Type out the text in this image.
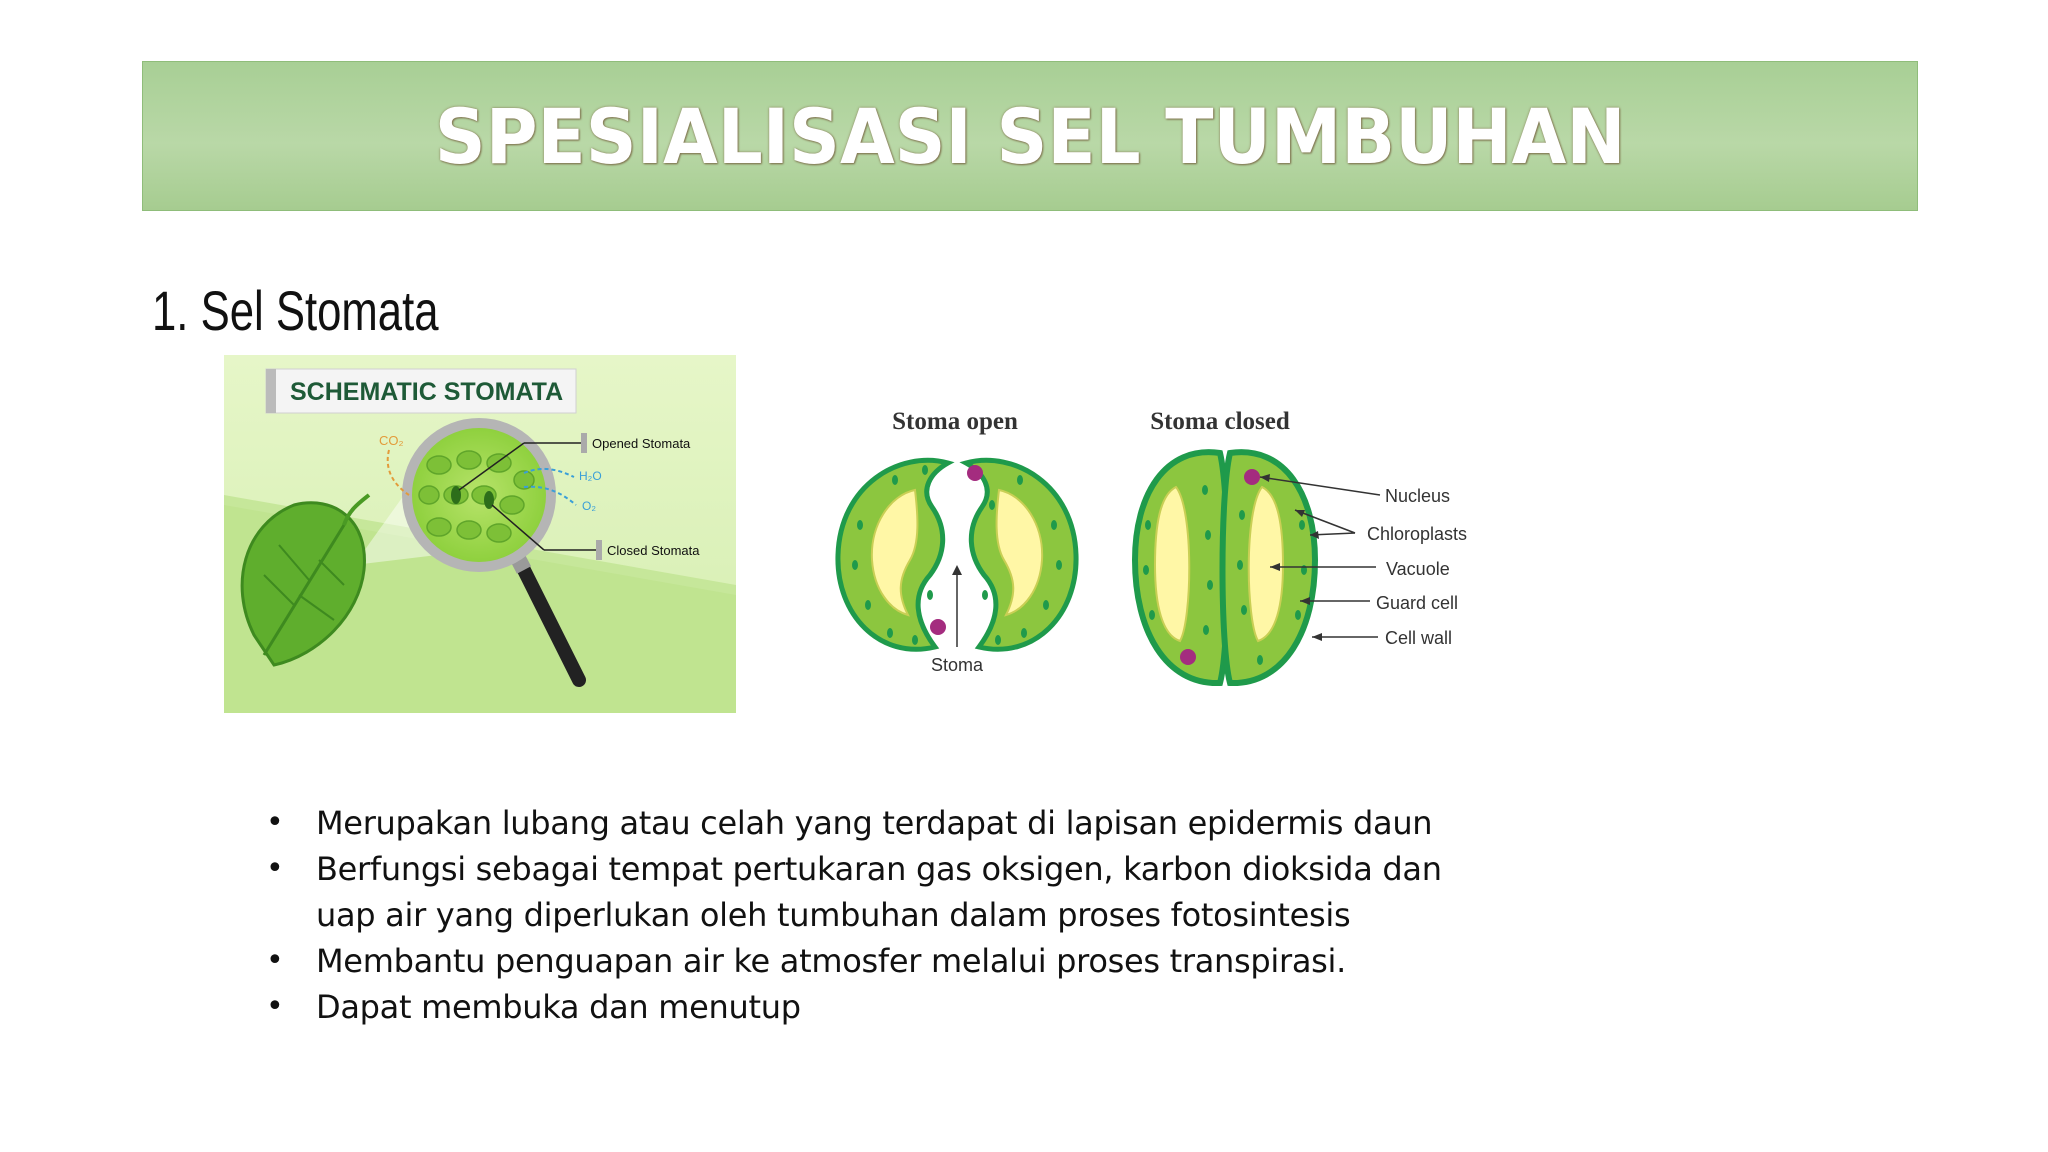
SPESIALISASI SEL TUMBUHAN
1. Sel Stomata
SCHEMATIC STOMATA
CO₂
H₂O
O₂
Opened Stomata
Closed Stomata
Stoma open	Stoma closed
Stoma
Nucleus
Chloroplasts
Vacuole
Guard cell
Cell wall
• Merupakan lubang atau celah yang terdapat di lapisan epidermis daun
• Berfungsi sebagai tempat pertukaran gas oksigen, karbon dioksida dan uap air yang diperlukan oleh tumbuhan dalam proses fotosintesis
• Membantu penguapan air ke atmosfer melalui proses transpirasi.
• Dapat membuka dan menutup
